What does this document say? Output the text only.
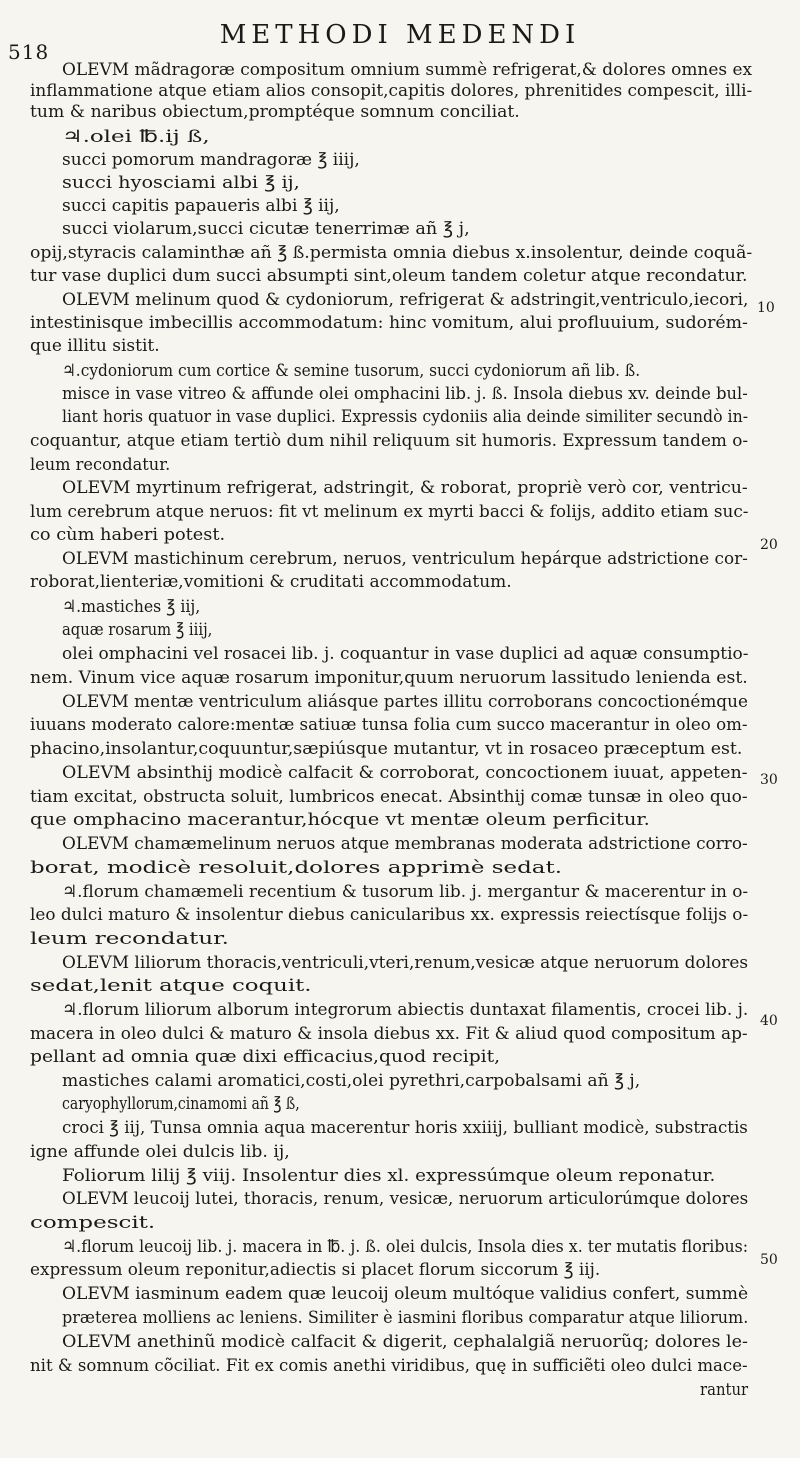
518
METHODI MEDENDI
10
20
30
40
50
OLEVM mãdragoræ compositum omnium summè refrigerat,& dolores omnes ex
inflammatione atque etiam alios consopit,capitis dolores, phrenitides compescit, illi-
tum & naribus obiectum,promptéque somnum conciliat.
♃.olei ℔.ij ß,
succi pomorum mandragoræ ℥ iiij,
succi hyosciami albi ℥ ij,
succi capitis papaueris albi ℥ iij,
succi violarum,succi cicutæ tenerrimæ añ ℥ j,
opij,styracis calaminthæ añ ℥ ß.permista omnia diebus x.insolentur, deinde coquã-
tur vase duplici dum succi absumpti sint,oleum tandem coletur atque recondatur.
OLEVM melinum quod & cydoniorum, refrigerat & adstringit,ventriculo,iecori,
intestinisque imbecillis accommodatum: hinc vomitum, alui profluuium, sudorém-
que illitu sistit.
♃.cydoniorum cum cortice & semine tusorum, succi cydoniorum añ lib. ß.
misce in vase vitreo & affunde olei omphacini lib. j. ß. Insola diebus xv. deinde bul-
liant horis quatuor in vase duplici. Expressis cydoniis alia deinde similiter secundò in-
coquantur, atque etiam tertiò dum nihil reliquum sit humoris. Expressum tandem o-
leum recondatur.
OLEVM myrtinum refrigerat, adstringit, & roborat, propriè verò cor, ventricu-
lum cerebrum atque neruos: fit vt melinum ex myrti bacci & folijs, addito etiam suc-
co cùm haberi potest.
OLEVM mastichinum cerebrum, neruos, ventriculum hepárque adstrictione cor-
roborat,lienteriæ,vomitioni & cruditati accommodatum.
♃.mastiches ℥ iij,
aquæ rosarum ℥ iiij,
olei omphacini vel rosacei lib. j. coquantur in vase duplici ad aquæ consumptio-
nem. Vinum vice aquæ rosarum imponitur,quum neruorum lassitudo lenienda est.
OLEVM mentæ ventriculum aliásque partes illitu corroborans concoctionémque
iuuans moderato calore:mentæ satiuæ tunsa folia cum succo macerantur in oleo om-
phacino,insolantur,coquuntur,sæpiúsque mutantur, vt in rosaceo præceptum est.
OLEVM absinthij modicè calfacit & corroborat, concoctionem iuuat, appeten-
tiam excitat, obstructa soluit, lumbricos enecat. Absinthij comæ tunsæ in oleo quo-
que omphacino macerantur,hócque vt mentæ oleum perficitur.
OLEVM chamæmelinum neruos atque membranas moderata adstrictione corro-
borat, modicè resoluit,dolores apprimè sedat.
♃.florum chamæmeli recentium & tusorum lib. j. mergantur & macerentur in o-
leo dulci maturo & insolentur diebus canicularibus xx. expressis reiectísque folijs o-
leum recondatur.
OLEVM liliorum thoracis,ventriculi,vteri,renum,vesicæ atque neruorum dolores
sedat,lenit atque coquit.
♃.florum liliorum alborum integrorum abiectis duntaxat filamentis, crocei lib. j.
macera in oleo dulci & maturo & insola diebus xx. Fit & aliud quod compositum ap-
pellant ad omnia quæ dixi efficacius,quod recipit,
mastiches calami aromatici,costi,olei pyrethri,carpobalsami añ ℥ j,
caryophyllorum,cinamomi añ ℥ ß,
croci ℥ iij, Tunsa omnia aqua macerentur horis xxiiij, bulliant modicè, substractis
igne affunde olei dulcis lib. ij,
Foliorum lilij ℥ viij. Insolentur dies xl. expressúmque oleum reponatur.
OLEVM leucoij lutei, thoracis, renum, vesicæ, neruorum articulorúmque dolores
compescit.
♃.florum leucoij lib. j. macera in ℔. j. ß. olei dulcis, Insola dies x. ter mutatis floribus:
expressum oleum reponitur,adiectis si placet florum siccorum ℥ iij.
OLEVM iasminum eadem quæ leucoij oleum multóque validius confert, summè
præterea molliens ac leniens. Similiter è iasmini floribus comparatur atque liliorum.
OLEVM anethinũ modicè calfacit & digerit, cephalalgiã neruorũq; dolores le-
nit & somnum cõciliat. Fit ex comis anethi viridibus, quę in sufficiẽti oleo dulci mace-
rantur
